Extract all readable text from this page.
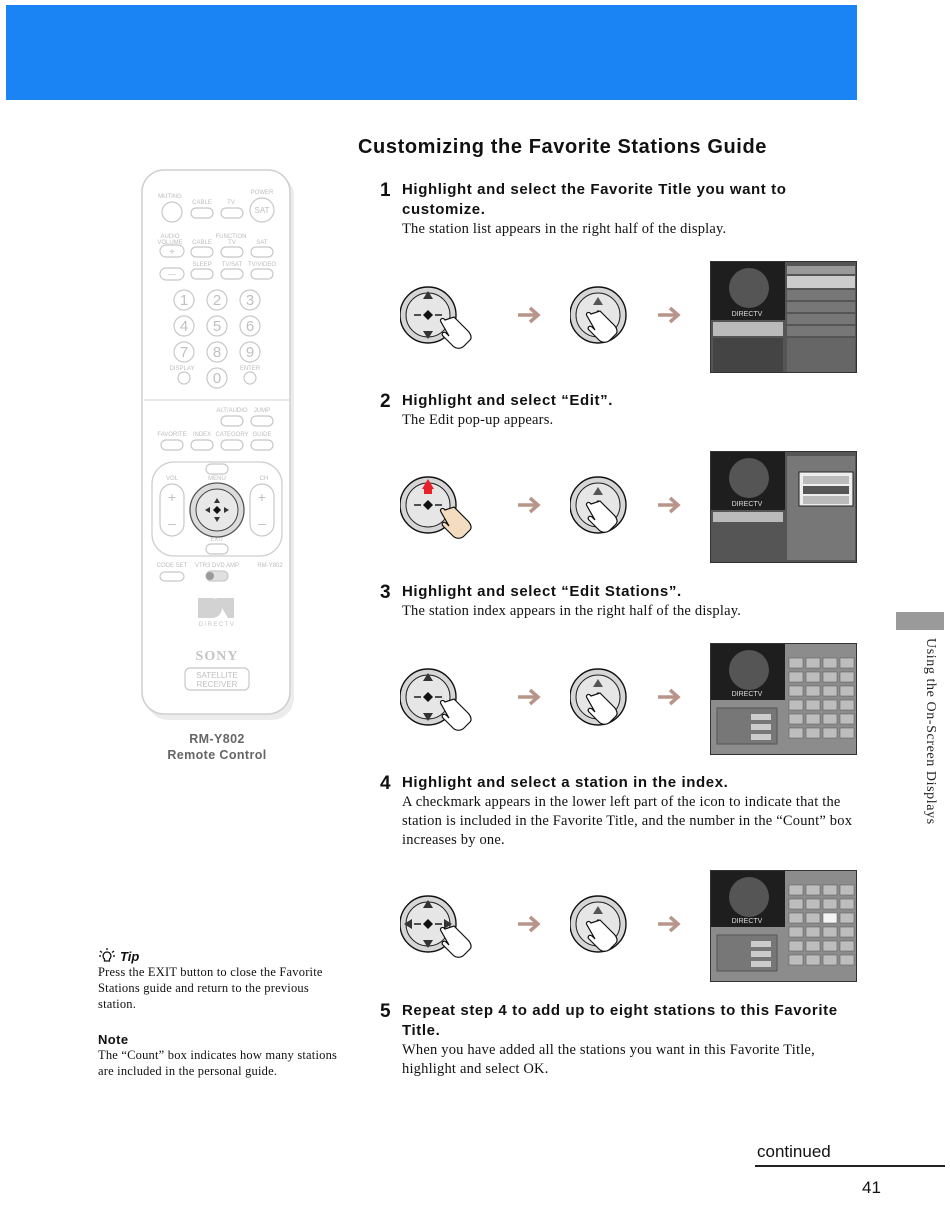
Customizing the Favorite Stations Guide
MUTING
CABLE	TV
POWER
AUDIO
VOLUME
FUNCTION
CABLE	TV	SAT
SLEEP TV/SAT TV/VIDEO
DISPLAY	ENTER
ALT/AUDIO JUMP
FAVORITE INDEX CATEGORY GUIDE
VOL	CH
MENU
EXIT
CODE SET VTR3 DVD AMP	RM-Y802
SAT
+
—
1 2 3
4 5 6
7 8 9
0
+
–
+
–
DIRECTV
SONY
SATELLITE
RECEIVER
RM-Y802
Remote Control
1 Highlight and select the Favorite Title you want to customize.
The station list appears in the right half of the display.
DIRECTV
2 Highlight and select “Edit”.
The Edit pop-up appears.
DIRECTV
3 Highlight and select “Edit Stations”.
The station index appears in the right half of the display.
DIRECTV
4 Highlight and select a station in the index.
A checkmark appears in the lower left part of the icon to indicate that the station is included in the Favorite Title, and the number in the “Count” box increases by one.
DIRECTV
5 Repeat step 4 to add up to eight stations to this Favorite Title.
When you have added all the stations you want in this Favorite Title, highlight and select OK.
Using the On-Screen Displays
Tip
Press the EXIT button to close the Favorite Stations guide and return to the previous station.
Note
The “Count” box indicates how many stations are included in the personal guide.
continued
41
